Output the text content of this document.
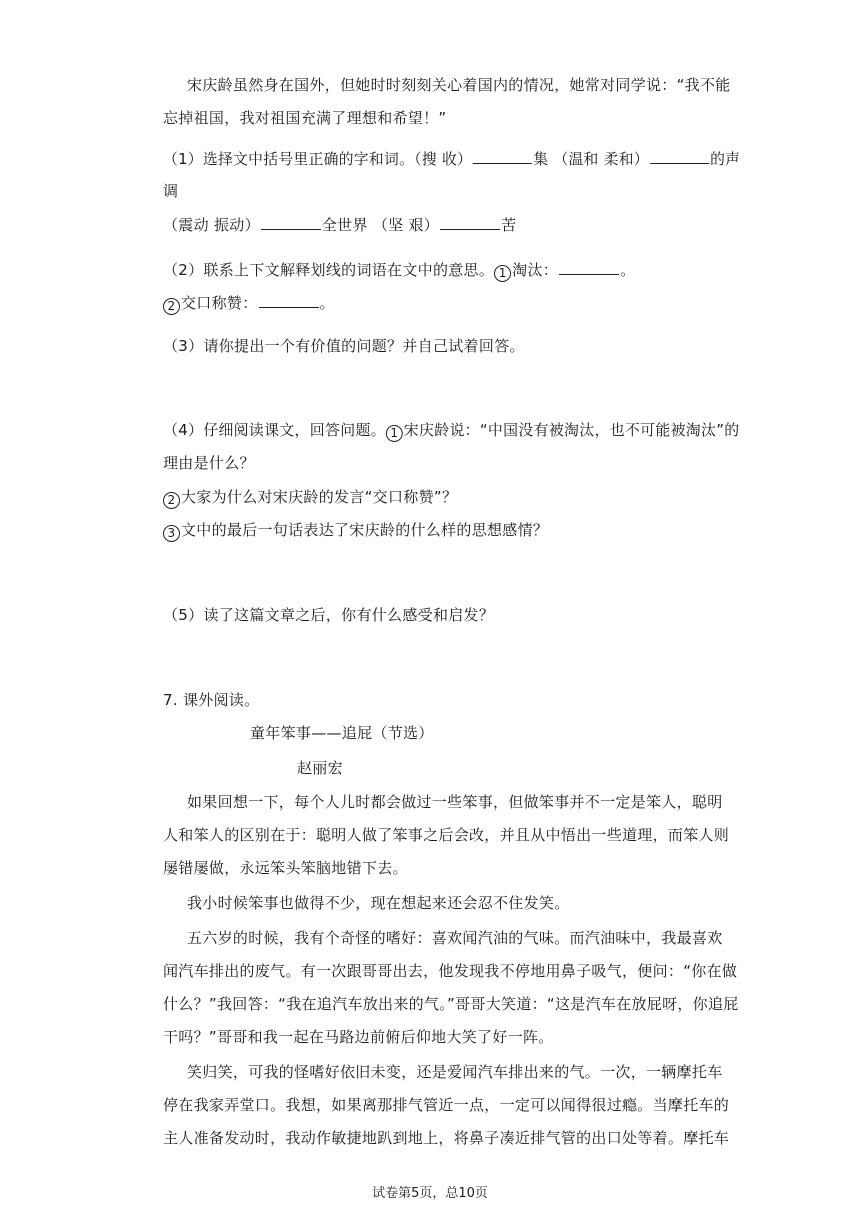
宋庆龄虽然身在国外，但她时时刻刻关心着国内的情况，她常对同学说：“我不能
忘掉祖国，我对祖国充满了理想和希望！”
（1）选择文中括号里正确的字和词。（搜 收）	集 （温和 柔和）	的声
调
（震动 振动）	全世界 （坚 艰）	苦
（2）联系上下文解释划线的词语在文中的意思。 1 淘汰：	。
2 交口称赞：	。
（3）请你提出一个有价值的问题？并自己试着回答。
（4）仔细阅读课文，回答问题。 1 宋庆龄说：“中国没有被淘汰，也不可能被淘汰”的
理由是什么？
2 大家为什么对宋庆龄的发言“交口称赞”？
3 文中的最后一句话表达了宋庆龄的什么样的思想感情？
（5）读了这篇文章之后，你有什么感受和启发？
7. 课外阅读。
童年笨事——追屁（节选）
赵丽宏
如果回想一下，每个人儿时都会做过一些笨事，但做笨事并不一定是笨人，聪明
人和笨人的区别在于：聪明人做了笨事之后会改，并且从中悟出一些道理，而笨人则
屡错屡做，永远笨头笨脑地错下去。
我小时候笨事也做得不少，现在想起来还会忍不住发笑。
五六岁的时候，我有个奇怪的嗜好：喜欢闻汽油的气味。而汽油味中，我最喜欢
闻汽车排出的废气。有一次跟哥哥出去，他发现我不停地用鼻子吸气，便问：“你在做
什么？”我回答：“我在追汽车放出来的气。”哥哥大笑道：“这是汽车在放屁呀，你追屁
干吗？”哥哥和我一起在马路边前俯后仰地大笑了好一阵。
笑归笑，可我的怪嗜好依旧未变，还是爱闻汽车排出来的气。一次，一辆摩托车
停在我家弄堂口。我想，如果离那排气管近一点，一定可以闻得很过瘾。当摩托车的
主人准备发动时，我动作敏捷地趴到地上，将鼻子凑近排气管的出口处等着。摩托车
试卷第5页，总10页
